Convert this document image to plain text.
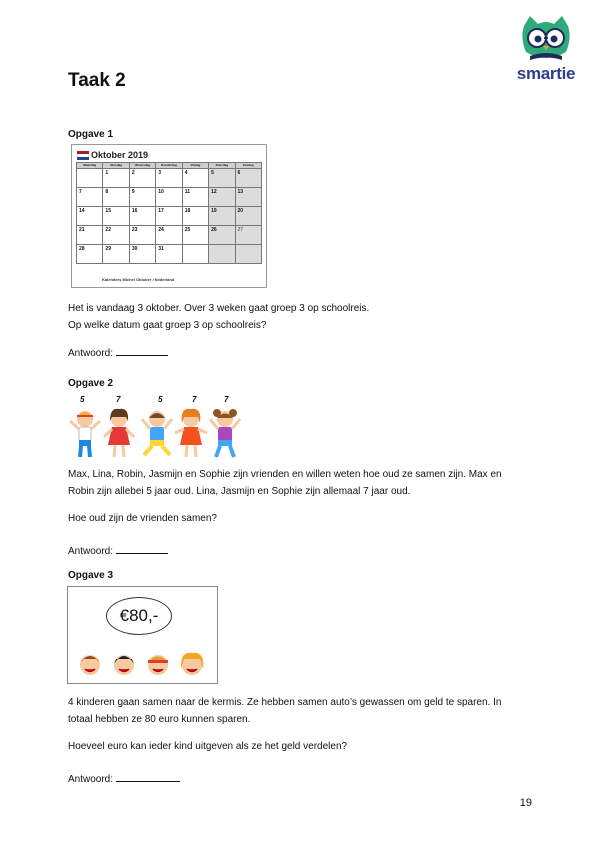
smartie
Taak 2
Opgave 1
Oktober 2019
Maandag	Dinsdag	Woensdag	Donderdag	Vrijdag	Zaterdag	Zondag
	1	2	3	4	5	6
7	8	9	10	11	12	13
14	15	16	17	18	19	20
21	22	23	24	25	26	27
28	29	30	31			
Kalenders Michel Oktober / Nederland
Het is vandaag 3 oktober. Over 3 weken gaat groep 3 op schoolreis.
Op welke datum gaat groep 3 op schoolreis?
Antwoord:
Opgave 2
5	7	5	7	7
Max, Lina, Robin, Jasmijn en Sophie zijn vrienden en willen weten hoe oud ze samen zijn. Max en
Robin zijn allebei 5 jaar oud. Lina, Jasmijn en Sophie zijn allemaal 7 jaar oud.
Hoe oud zijn de vrienden samen?
Antwoord:
Opgave 3
€80,-
4 kinderen gaan samen naar de kermis. Ze hebben samen auto’s gewassen om geld te sparen. In
totaal hebben ze 80 euro kunnen sparen.
Hoeveel euro kan ieder kind uitgeven als ze het geld verdelen?
Antwoord:
19
